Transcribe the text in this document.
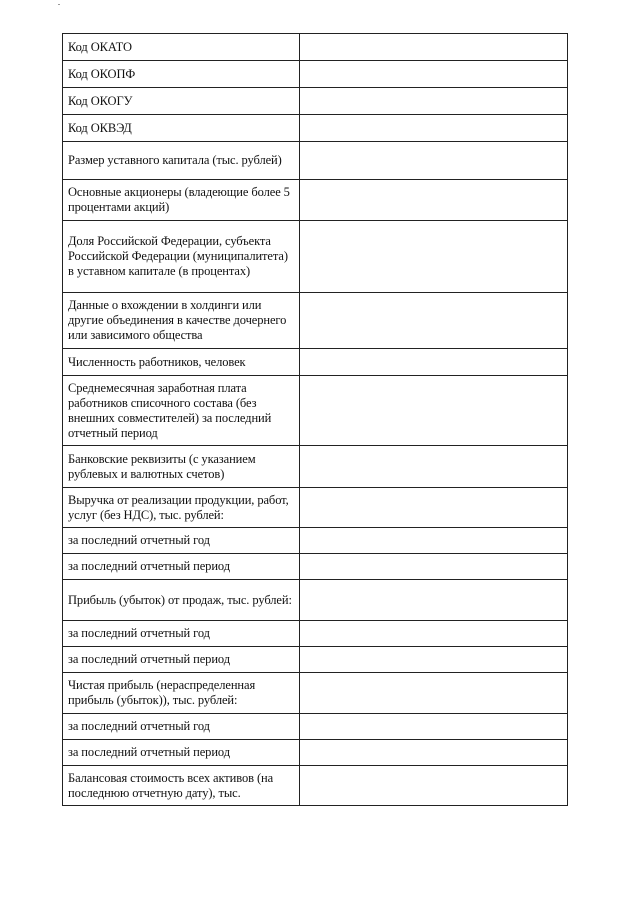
Код ОКАТО	
Код ОКОПФ	
Код ОКОГУ	
Код ОКВЭД	
Размер уставного капитала (тыс. рублей)	
Основные акционеры (владеющие более 5 процентами акций)	
Доля Российской Федерации, субъекта Российской Федерации (муниципалитета) в уставном капитале (в процентах)	
Данные о вхождении в холдинги или другие объединения в качестве дочернего или зависимого общества	
Численность работников, человек	
Среднемесячная заработная плата работников списочного состава (без внешних совместителей) за последний отчетный период	
Банковские реквизиты (с указанием рублевых и валютных счетов)	
Выручка от реализации продукции, работ, услуг (без НДС), тыс. рублей:	
за последний отчетный год	
за последний отчетный период	
Прибыль (убыток) от продаж, тыс. рублей:	
за последний отчетный год	
за последний отчетный период	
Чистая прибыль (нераспределенная прибыль (убыток)), тыс. рублей:	
за последний отчетный год	
за последний отчетный период	
Балансовая стоимость всех активов (на последнюю отчетную дату), тыс.	
